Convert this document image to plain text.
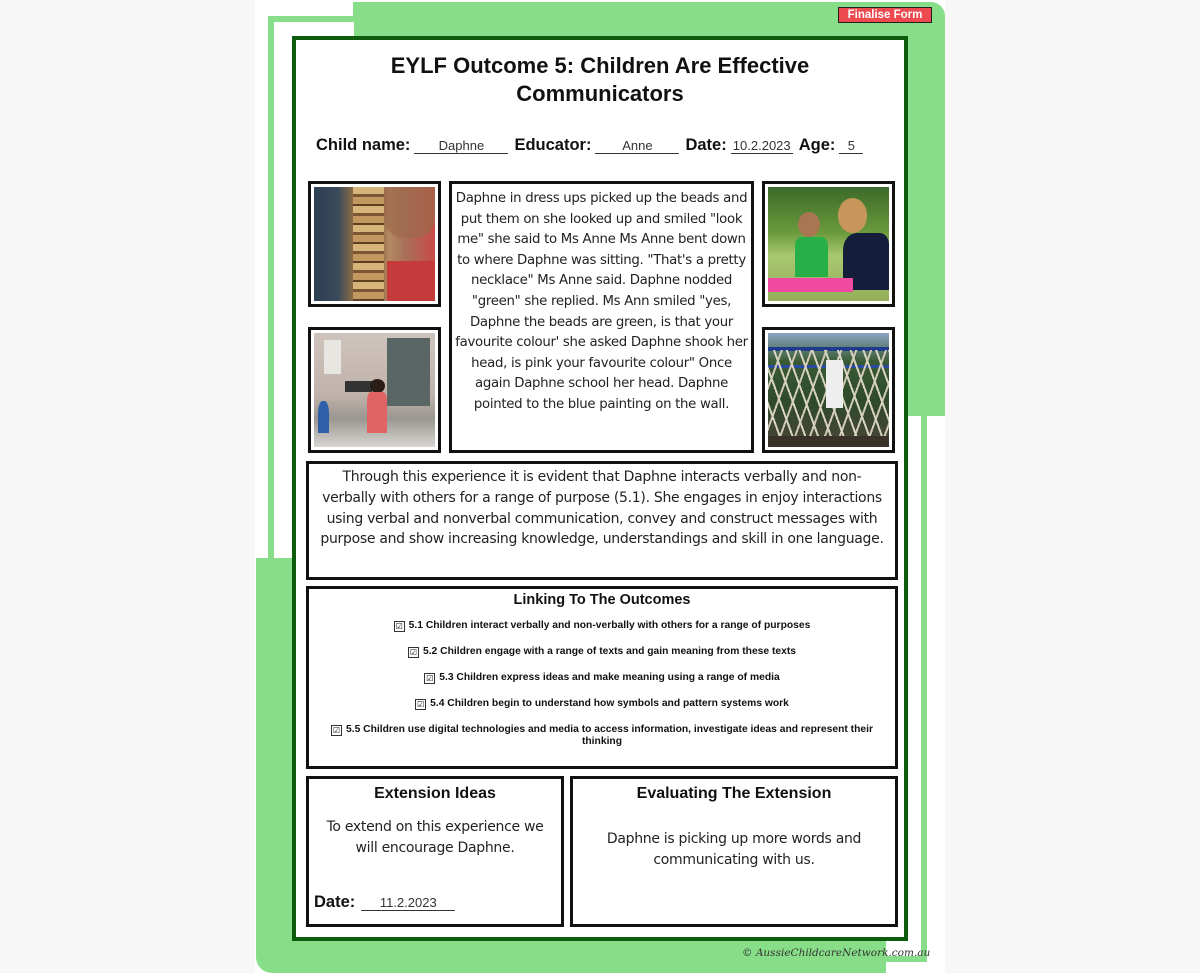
Finalise Form
EYLF Outcome 5: Children Are Effective
Communicators
Child name:	Daphne	Educator:	Anne	Date: 10.2.2023 Age: 5
Daphne in dress ups picked up the beads and put them on she looked up and smiled "look me" she said to Ms Anne Ms Anne bent down to where Daphne was sitting. "That's a pretty necklace" Ms Anne said. Daphne nodded "green" she replied. Ms Ann smiled "yes, Daphne the beads are green, is that your favourite colour' she asked Daphne shook her head, is pink your favourite colour" Once again Daphne school her head. Daphne pointed to the blue painting on the wall.
Through this experience it is evident that Daphne interacts verbally and non-verbally with others for a range of purpose (5.1). She engages in enjoy interactions using verbal and nonverbal communication, convey and construct messages with purpose and show increasing knowledge, understandings and skill in one language.
Linking To The Outcomes
☑ 5.1 Children interact verbally and non-verbally with others for a range of purposes
☑ 5.2 Children engage with a range of texts and gain meaning from these texts
☑ 5.3 Children express ideas and make meaning using a range of media
☑ 5.4 Children begin to understand how symbols and pattern systems work
☑ 5.5 Children use digital technologies and media to access information, investigate ideas and represent their thinking
Extension Ideas
To extend on this experience we will encourage Daphne.
Date:	11.2.2023
Evaluating The Extension
Daphne is picking up more words and communicating with us.
© AussieChildcareNetwork.com.au
